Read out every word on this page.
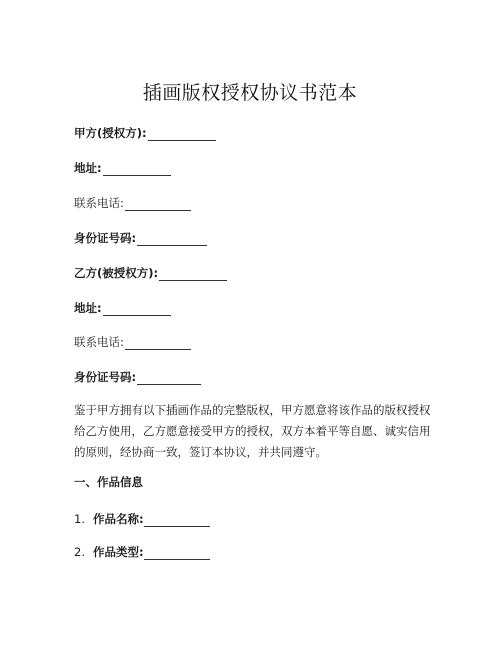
插画版权授权协议书范本
甲方(授权方):
地址:
联系电话:
身份证号码:
乙方(被授权方):
地址:
联系电话:
身份证号码:
鉴于甲方拥有以下插画作品的完整版权，甲方愿意将该作品的版权授权给乙方使用，乙方愿意接受甲方的授权，双方本着平等自愿、诚实信用的原则，经协商一致，签订本协议，并共同遵守。
一、作品信息
1. 作品名称:
2. 作品类型:
